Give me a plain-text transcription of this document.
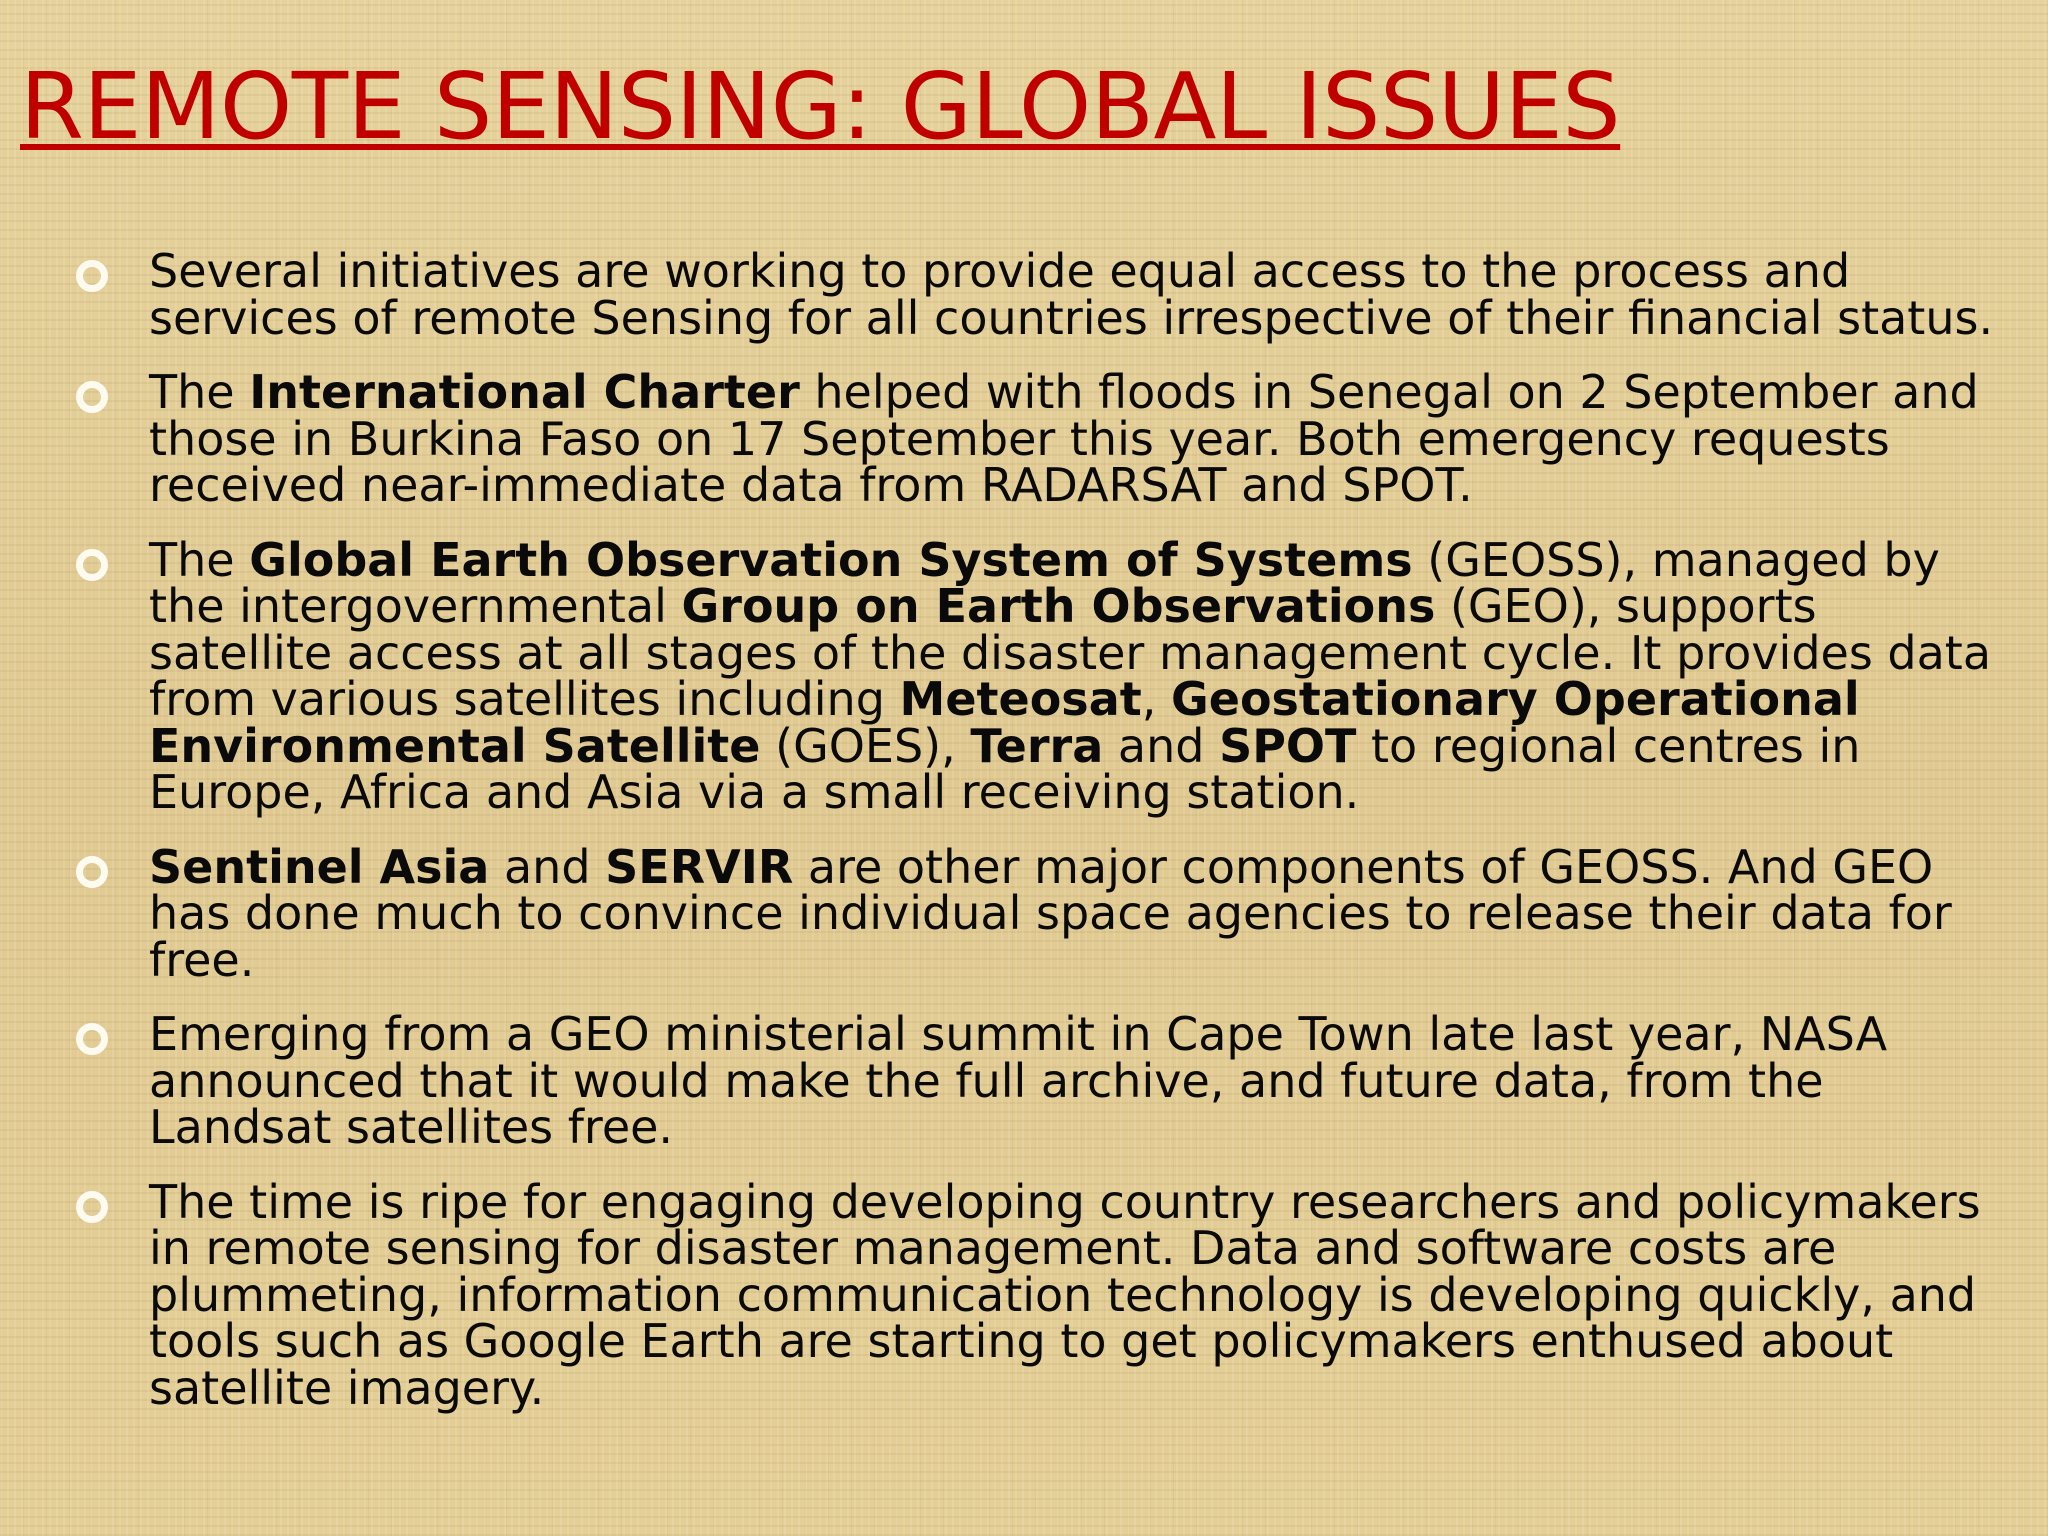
REMOTE SENSING: GLOBAL ISSUES
Several initiatives are working to provide equal access to the process and services of remote Sensing for all countries irrespective of their financial status.
The International Charter helped with floods in Senegal on 2 September and those in Burkina Faso on 17 September this year. Both emergency requests received near-immediate data from RADARSAT and SPOT.
The Global Earth Observation System of Systems (GEOSS), managed by the intergovernmental Group on Earth Observations (GEO), supports satellite access at all stages of the disaster management cycle. It provides data from various satellites including Meteosat, Geostationary Operational Environmental Satellite (GOES), Terra and SPOT to regional centres in Europe, Africa and Asia via a small receiving station.
Sentinel Asia and SERVIR are other major components of GEOSS. And GEO has done much to convince individual space agencies to release their data for free.
Emerging from a GEO ministerial summit in Cape Town late last year, NASA announced that it would make the full archive, and future data, from the Landsat satellites free.
The time is ripe for engaging developing country researchers and policymakers in remote sensing for disaster management. Data and software costs are plummeting, information communication technology is developing quickly, and tools such as Google Earth are starting to get policymakers enthused about satellite imagery.
